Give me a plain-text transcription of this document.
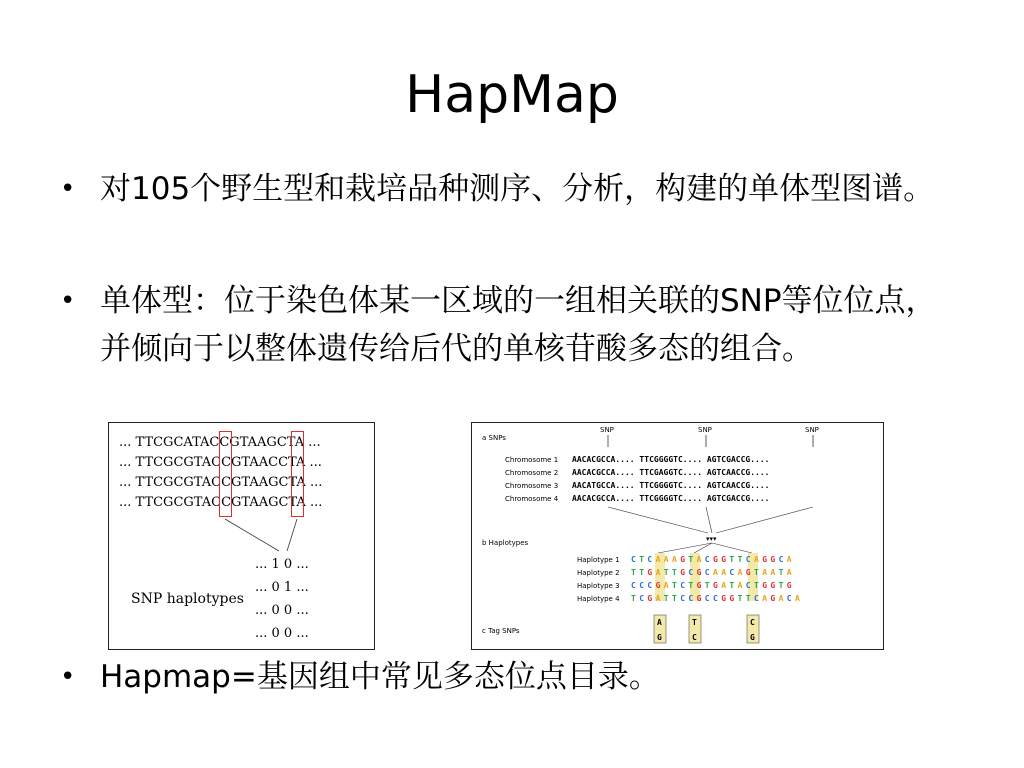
HapMap
• 对105个野生型和栽培品种测序、分析，构建的单体型图谱。
• 单体型：位于染色体某一区域的一组相关联的SNP等位位点，并倾向于以整体遗传给后代的单核苷酸多态的组合。
• Hapmap=基因组中常见多态位点目录。
... TTCGCATACCGTAAGCTA ...
... TTCGCGTACCGTAACCTA ...
... TTCGCGTACCGTAAGCTA ...
... TTCGCGTACCGTAAGCTA ...
SNP haplotypes
... 1 0 ...
... 0 1 ...
... 0 0 ...
... 0 0 ...
a SNPs
b Haplotypes
c Tag SNPs
SNP	SNP	SNP
Chromosome 1 AACACGCCA.... TTCGGGGTC.... AGTCGACCG....
Chromosome 2 AACACGCCA.... TTCGAGGTC.... AGTCAACCG....
Chromosome 3 AACATGCCA.... TTCGGGGTC.... AGTCAACCG....
Chromosome 4 AACACGCCA.... TTCGGGGTC.... AGTCGACCG....
▾▾▾
Haplotype 1 C T C A A A G T A C G G T T C A G G C A
Haplotype 2 T T G A T T G C G C A A C A G T A A T A
Haplotype 3 C C C G A T C T G T G A T A C T G G T G
Haplotype 4 T C G A T T C C G C C G G T T C A G A C A
A
G
T
C
C
G
